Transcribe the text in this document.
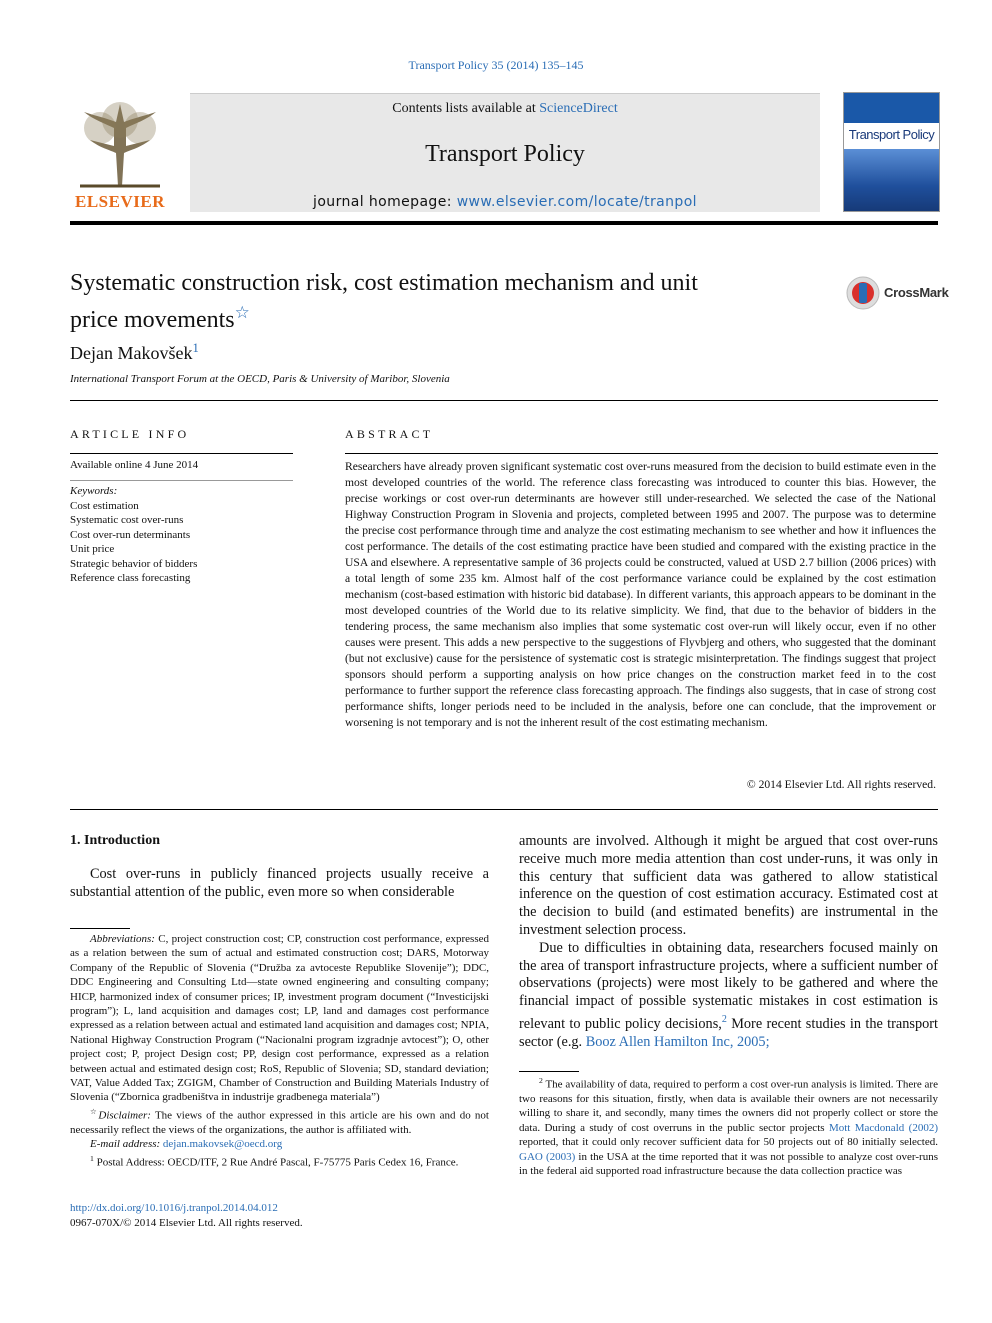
Transport Policy 35 (2014) 135–145
ELSEVIER
Contents lists available at ScienceDirect
Transport Policy
journal homepage: www.elsevier.com/locate/tranpol
Transport Policy
Systematic construction risk, cost estimation mechanism and unit
price movements☆
CrossMark
Dejan Makovšek$^1$
International Transport Forum at the OECD, Paris & University of Maribor, Slovenia
ARTICLE INFO
Available online 4 June 2014
Keywords:
Cost estimation
Systematic cost over-runs
Cost over-run determinants
Unit price
Strategic behavior of bidders
Reference class forecasting
ABSTRACT
Researchers have already proven significant systematic cost over-runs measured from the decision to build estimate even in the most developed countries of the world. The reference class forecasting was introduced to counter this bias. However, the precise workings or cost over-run determinants are however still under-researched. We selected the case of the National Highway Construction Program in Slovenia and projects, completed between 1995 and 2007. The purpose was to determine the precise cost performance through time and analyze the cost estimating mechanism to see whether and how it influences the cost performance. The details of the cost estimating practice have been studied and compared with the existing practice in the USA and elsewhere. A representative sample of 36 projects could be constructed, valued at USD 2.7 billion (2006 prices) with a total length of some 235 km. Almost half of the cost performance variance could be explained by the cost estimation mechanism (cost-based estimation with historic bid database). In different variants, this approach appears to be dominant in the most developed countries of the World due to its relative simplicity. We find, that due to the behavior of bidders in the tendering process, the same mechanism also implies that some systematic cost over-run will likely occur, even if no other causes were present. This adds a new perspective to the suggestions of Flyvbjerg and others, who suggested that the dominant (but not exclusive) cause for the persistence of systematic cost is strategic misinterpretation. The findings suggest that project sponsors should perform a supporting analysis on how price changes on the construction market feed in to the cost performance to further support the reference class forecasting approach. The findings also suggests, that in case of strong cost performance shifts, longer periods need to be included in the analysis, before one can conclude, that the improvement or worsening is not temporary and is not the inherent result of the cost estimating mechanism.
© 2014 Elsevier Ltd. All rights reserved.
1. Introduction
Cost over-runs in publicly financed projects usually receive a substantial attention of the public, even more so when considerable
amounts are involved. Although it might be argued that cost over-runs receive much more media attention than cost under-runs, it was only in this century that sufficient data was gathered to allow statistical inference on the question of cost estimation accuracy. Estimated cost at the decision to build (and estimated benefits) are instrumental in the investment selection process.
Due to difficulties in obtaining data, researchers focused mainly on the area of transport infrastructure projects, where a sufficient number of observations (projects) were most likely to be gathered and where the financial impact of possible systematic mistakes in cost estimation is relevant to public policy decisions,$^2$ More recent studies in the transport sector (e.g. Booz Allen Hamilton Inc, 2005;
Abbreviations: C, project construction cost; CP, construction cost performance, expressed as a relation between the sum of actual and estimated construction cost; DARS, Motorway Company of the Republic of Slovenia (“Družba za avtoceste Republike Slovenije”); DDC, DDC Engineering and Consulting Ltd—state owned engineering and consulting company; HICP, harmonized index of consumer prices; IP, investment program document (“Investicijski program”); L, land acquisition and damages cost; LP, land and damages cost performance expressed as a relation between actual and estimated land acquisition and damages cost; NPIA, National Highway Construction Program (“Nacionalni program izgradnje avtocest”); O, other project cost; P, project Design cost; PP, design cost performance, expressed as a relation between actual and estimated design cost; RoS, Republic of Slovenia; SD, standard deviation; VAT, Value Added Tax; ZGIGM, Chamber of Construction and Building Materials Industry of Slovenia (“Zbornica gradbeništva in industrije gradbenega materiala”)
☆Disclaimer: The views of the author expressed in this article are his own and do not necessarily reflect the views of the organizations, the author is affiliated with.
E-mail address: dejan.makovsek@oecd.org
$^1$ Postal Address: OECD/ITF, 2 Rue André Pascal, F-75775 Paris Cedex 16, France.
http://dx.doi.org/10.1016/j.tranpol.2014.04.012
0967-070X/© 2014 Elsevier Ltd. All rights reserved.
$^2$ The availability of data, required to perform a cost over-run analysis is limited. There are two reasons for this situation, firstly, when data is available their owners are not necessarily willing to share it, and secondly, many times the owners did not properly collect or store the data. During a study of cost overruns in the public sector projects Mott Macdonald (2002) reported, that it could only recover sufficient data for 50 projects out of 80 initially selected. GAO (2003) in the USA at the time reported that it was not possible to analyze cost over-runs in the federal aid supported road infrastructure because the data collection practice was
